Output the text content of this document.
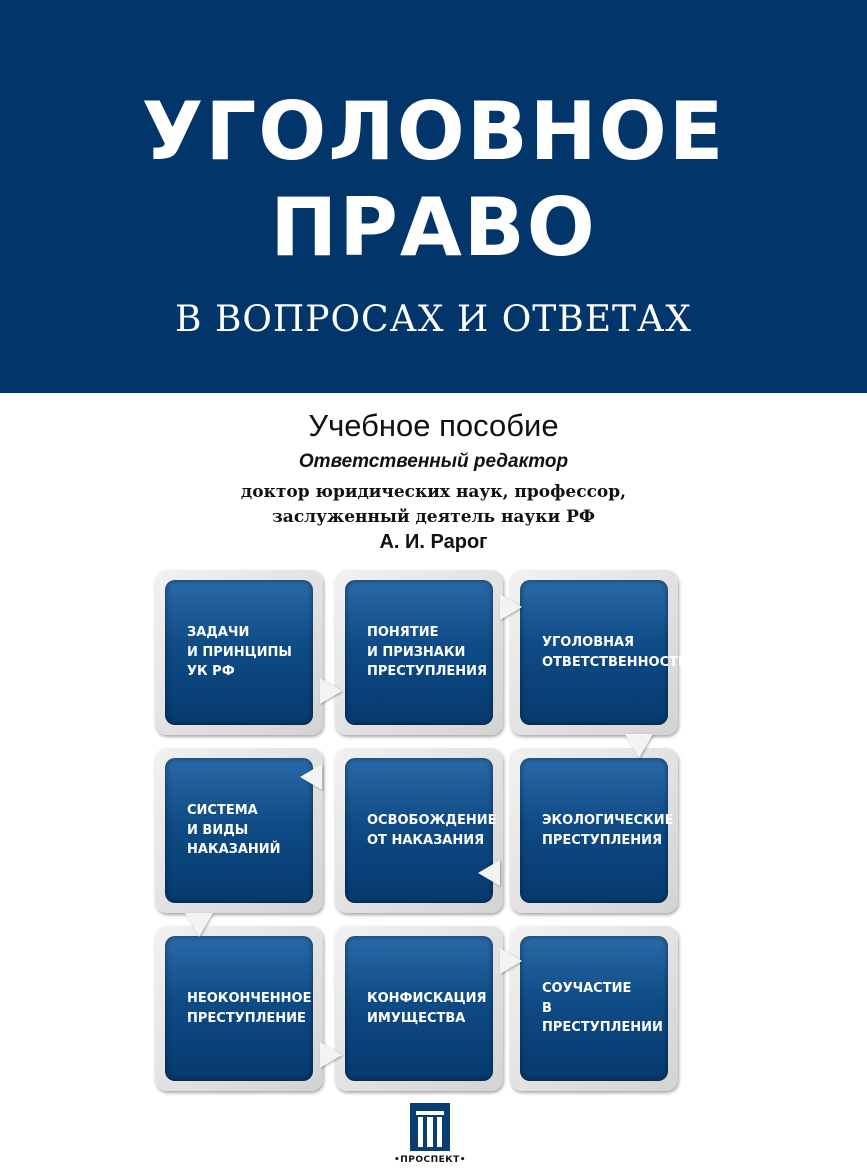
УГОЛОВНОЕ
ПРАВО
В ВОПРОСАХ И ОТВЕТАХ
Учебное пособие
Ответственный редактор
доктор юридических наук, профессор,
заслуженный деятель науки РФ
А. И. Рарог
ЗАДАЧИ
И ПРИНЦИПЫ
УК РФ
ПОНЯТИЕ
И ПРИЗНАКИ
ПРЕСТУПЛЕНИЯ
УГОЛОВНАЯ
ОТВЕТСТВЕННОСТЬ
СИСТЕМА
И ВИДЫ
НАКАЗАНИЙ
ОСВОБОЖДЕНИЕ
ОТ НАКАЗАНИЯ
ЭКОЛОГИЧЕСКИЕ
ПРЕСТУПЛЕНИЯ
НЕОКОНЧЕННОЕ
ПРЕСТУПЛЕНИЕ
КОНФИСКАЦИЯ
ИМУЩЕСТВА
СОУЧАСТИЕ
В ПРЕСТУПЛЕНИИ
•ПРОСПЕКТ•
